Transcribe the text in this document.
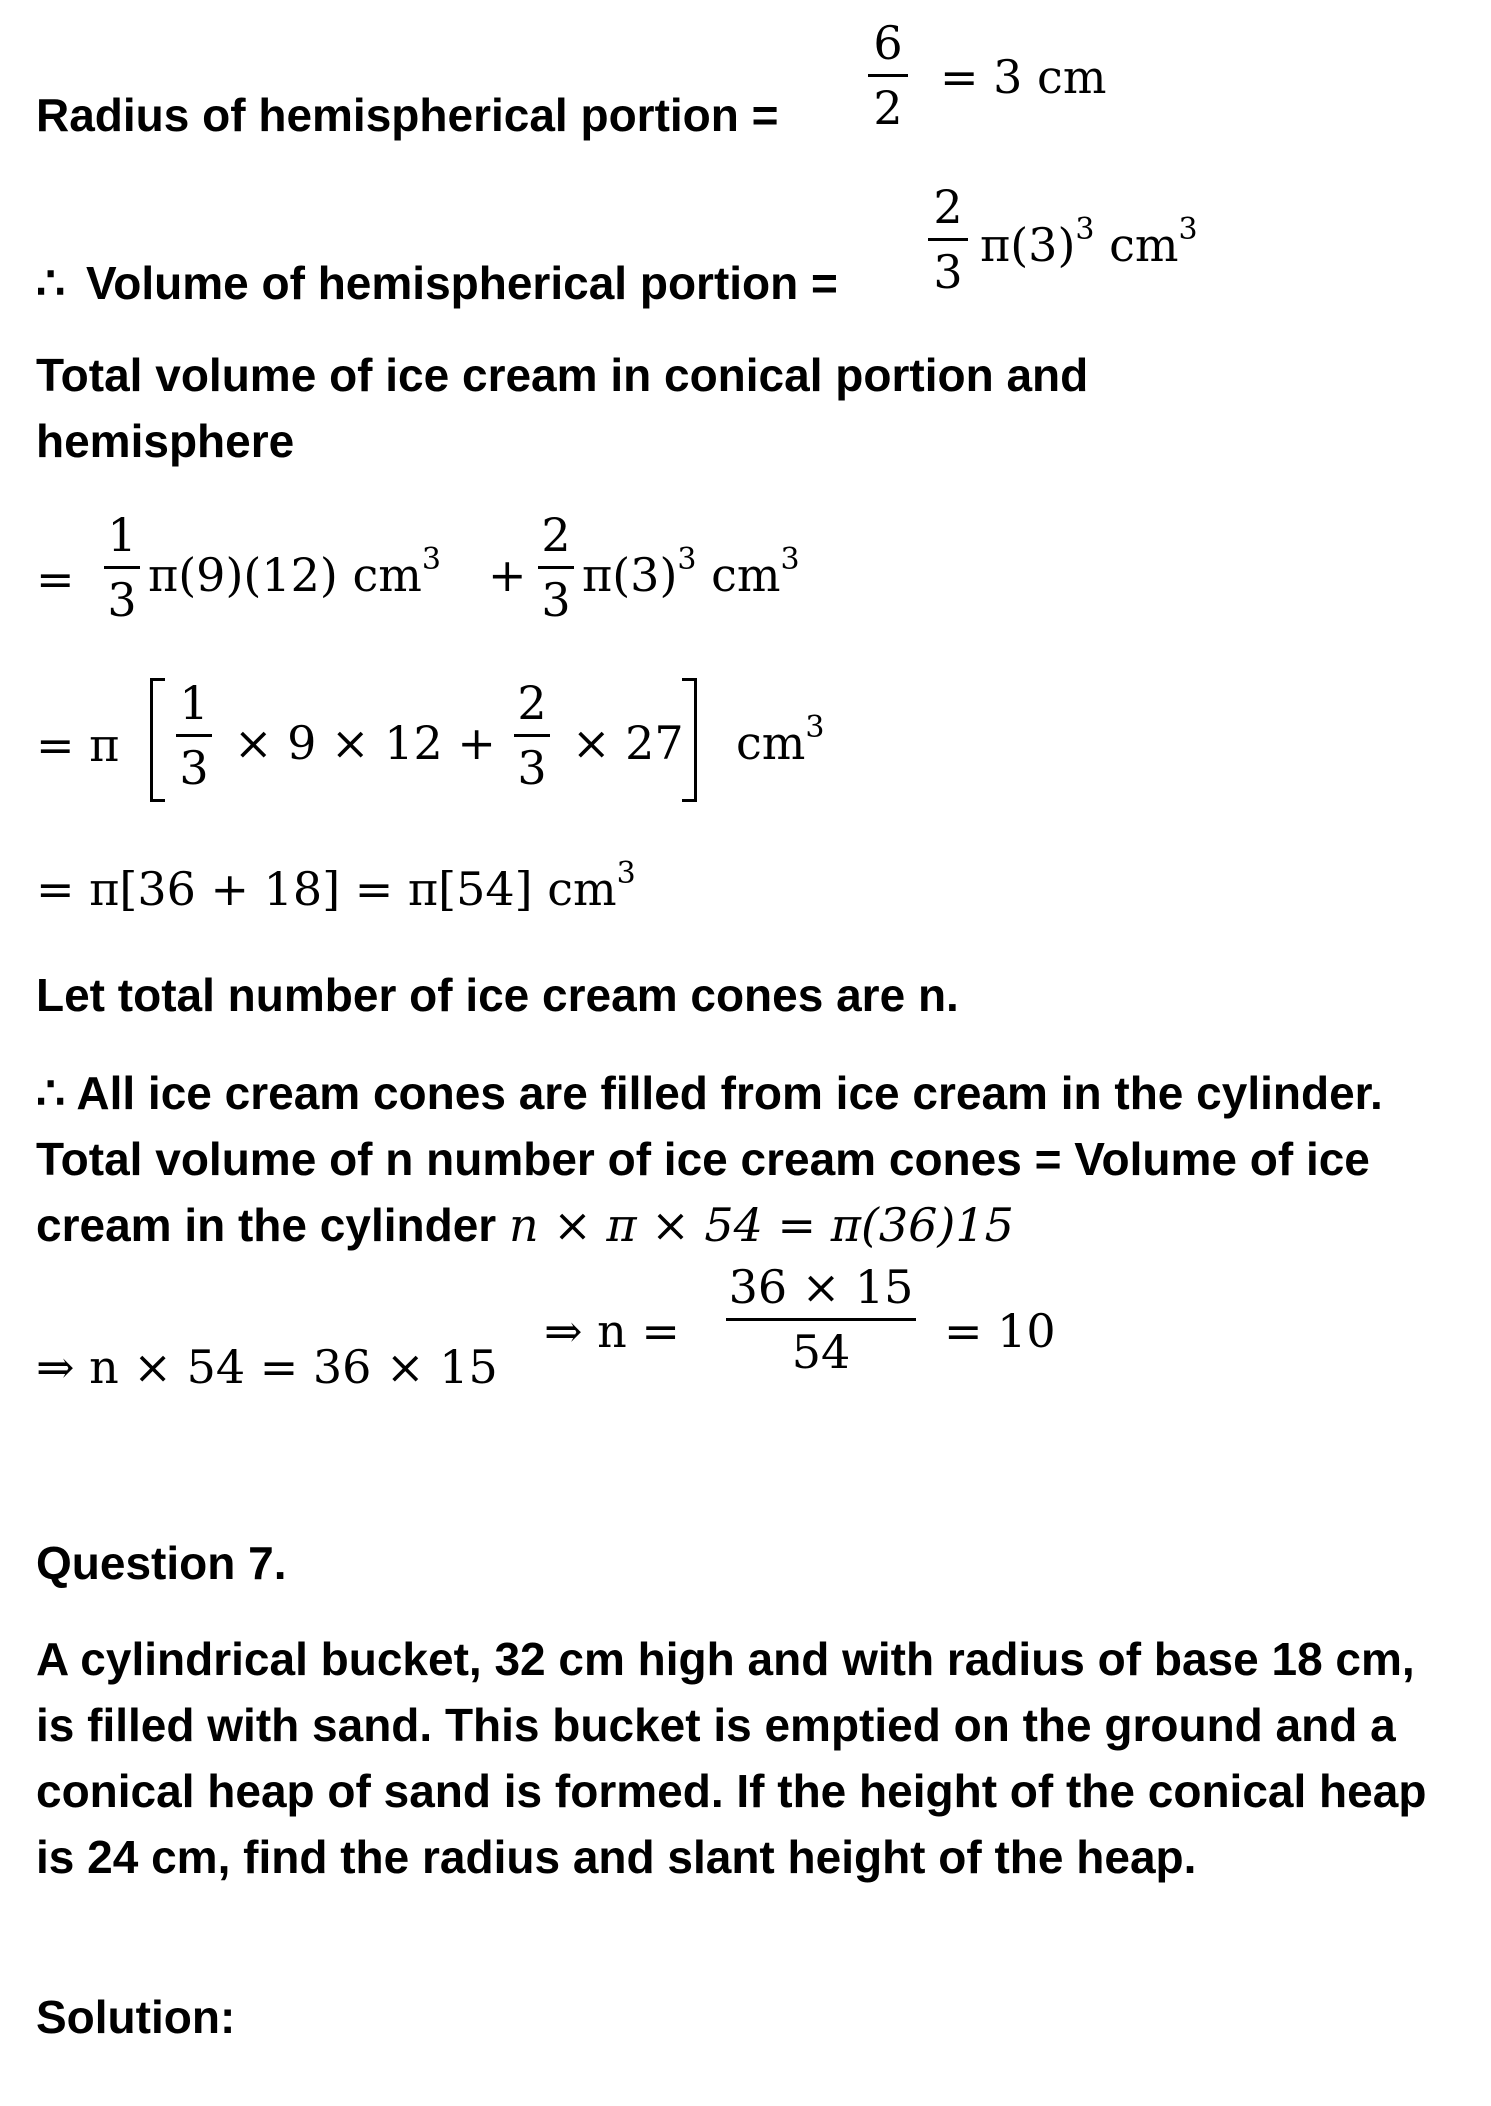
Radius of hemispherical portion =
6
2
= 3 cm
∴ Volume of hemispherical portion =
2
3 $\pi(3)^3$ $cm^3$
Total volume of ice cream in conical portion and hemisphere
=
1
3 π(9)(12) $cm^3$ +
2
3 $\pi(3)^3$ $cm^3$
= π
1
3 × 9 × 12 +
2
3 × 27 $cm^3$
= π[36 + 18] = π[54] $cm^3$
Let total number of ice cream cones are n.
∴ All ice cream cones are filled from ice cream in the cylinder. Total volume of n number of ice cream cones = Volume of ice cream in the cylinder n × π × 54 = π(36)15
⇒ n × 54 = 36 × 15
⇒ n =
36 × 15
54	= 10
Question 7.
A cylindrical bucket, 32 cm high and with radius of base 18 cm, is filled with sand. This bucket is emptied on the ground and a conical heap of sand is formed. If the height of the conical heap is 24 cm, find the radius and slant height of the heap.
Solution:
